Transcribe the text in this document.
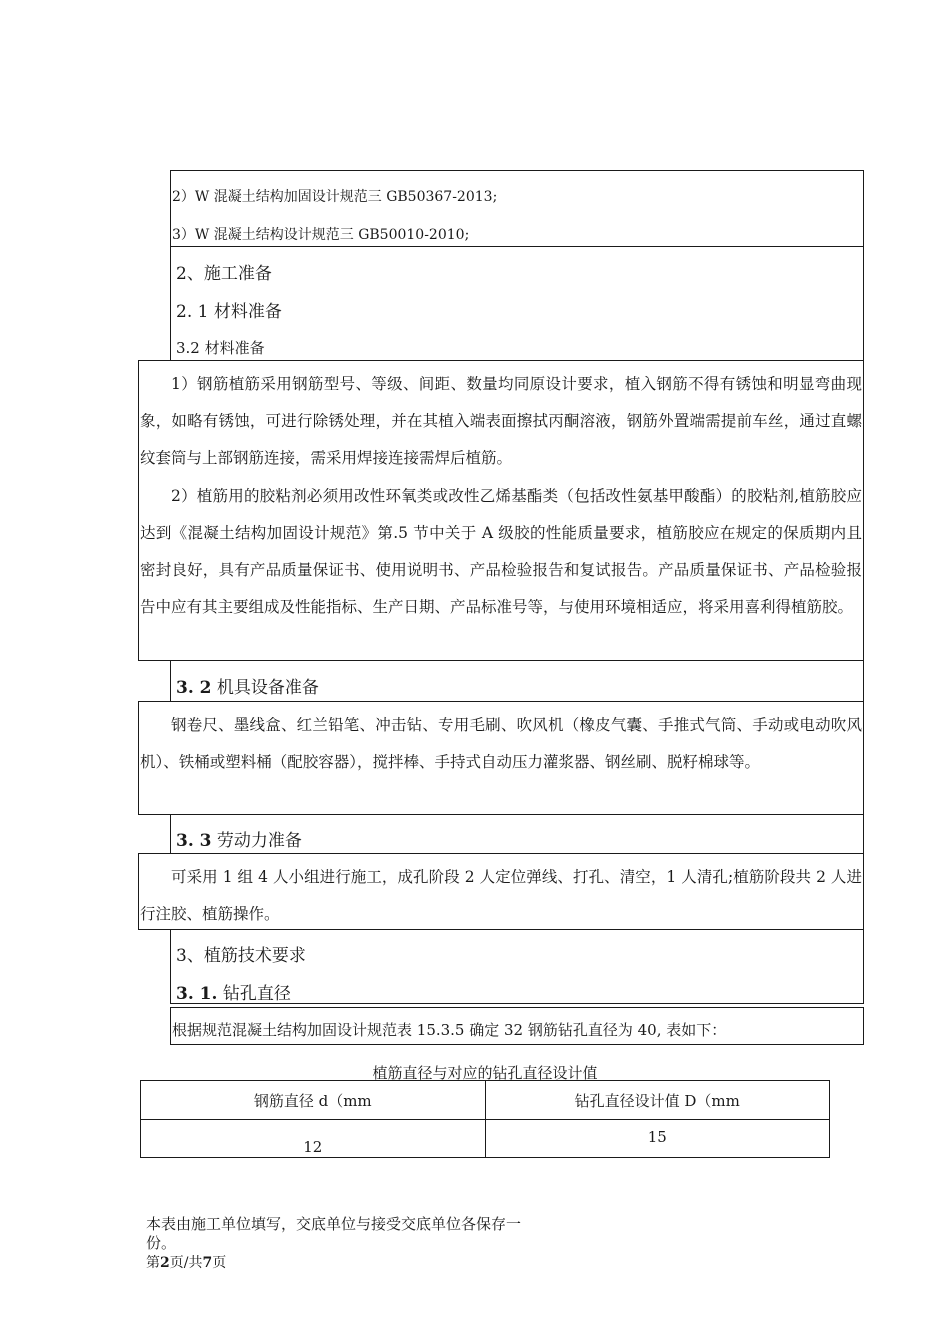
2）W 混凝土结构加固设计规范三 GB50367-2013;
3）W 混凝土结构设计规范三 GB50010-2010;
2、施工准备
2. 1 材料准备
3.2 材料准备
1）钢筋植筋采用钢筋型号、等级、间距、数量均同原设计要求，植入钢筋不得有锈蚀和明显弯曲现象，如略有锈蚀，可进行除锈处理，并在其植入端表面擦拭丙酮溶液，钢筋外置端需提前车丝，通过直螺纹套筒与上部钢筋连接，需采用焊接连接需焊后植筋。
2）植筋用的胶粘剂必须用改性环氧类或改性乙烯基酯类（包括改性氨基甲酸酯）的胶粘剂,植筋胶应达到《混凝土结构加固设计规范》第.5 节中关于 A 级胶的性能质量要求，植筋胶应在规定的保质期内且密封良好，具有产品质量保证书、使用说明书、产品检验报告和复试报告。产品质量保证书、产品检验报告中应有其主要组成及性能指标、生产日期、产品标准号等，与使用环境相适应，将采用喜利得植筋胶。
3. 2 机具设备准备
钢卷尺、墨线盒、红兰铅笔、冲击钻、专用毛刷、吹风机（橡皮气囊、手推式气筒、手动或电动吹风机）、铁桶或塑料桶（配胶容器），搅拌棒、手持式自动压力灌浆器、钢丝刷、脱籽棉球等。
3. 3 劳动力准备
可采用 1 组 4 人小组进行施工，成孔阶段 2 人定位弹线、打孔、清空，1 人清孔;植筋阶段共 2 人进行注胶、植筋操作。
3、植筋技术要求
3. 1. 钻孔直径
根据规范混凝土结构加固设计规范表 15.3.5 确定 32 钢筋钻孔直径为 40, 表如下：
植筋直径与对应的钻孔直径设计值
钢筋直径 d（mm	钻孔直径设计值 D（mm
12	15
本表由施工单位填写，交底单位与接受交底单位各保存一
份。
第2页/共7页
